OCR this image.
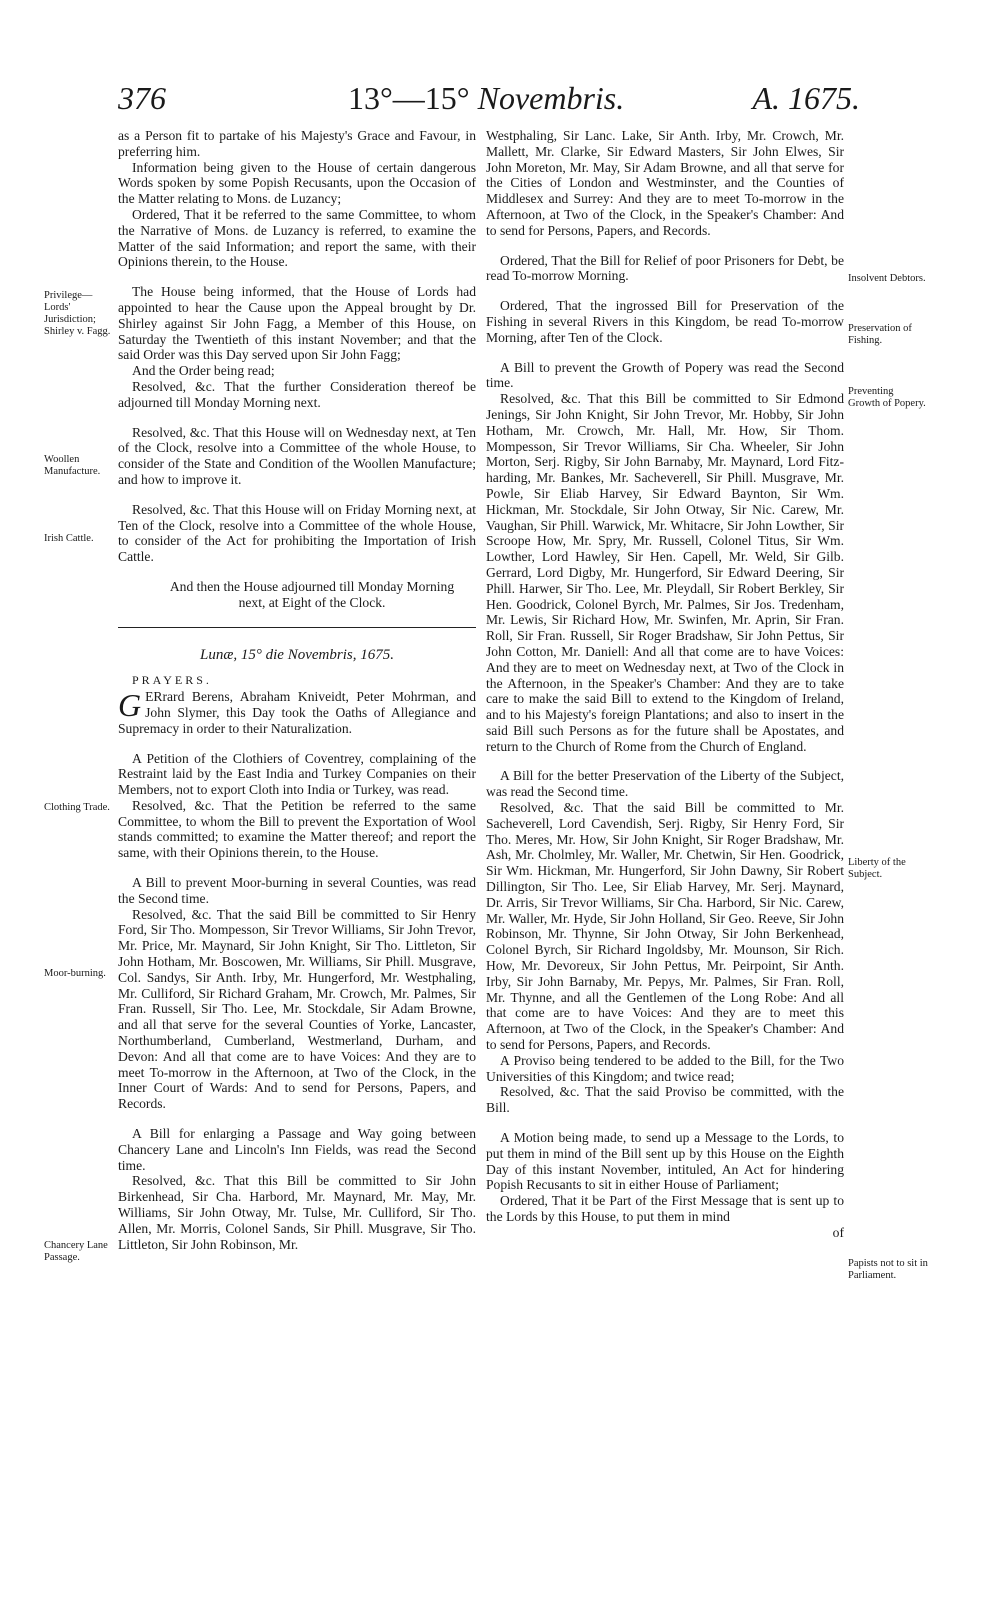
376	13°—15° Novembris.	A. 1675.
Privilege—Lords' Jurisdiction; Shirley v. Fagg.
Woollen Manufacture.
Irish Cattle.
Clothing Trade.
Moor-burning.
Chancery Lane Passage.
Insolvent Debtors.
Preservation of Fishing.
Preventing Growth of Popery.
Liberty of the Subject.
Papists not to sit in Parliament.

as a Person fit to partake of his Majesty's Grace and Favour, in preferring him.

Information being given to the House of certain dangerous Words spoken by some Popish Recusants, upon the Occasion of the Matter relating to Mons. de Luzancy;

Ordered, That it be referred to the same Committee, to whom the Narrative of Mons. de Luzancy is referred, to examine the Matter of the said Information; and report the same, with their Opinions therein, to the House.

The House being informed, that the House of Lords had appointed to hear the Cause upon the Appeal brought by Dr. Shirley against Sir John Fagg, a Member of this House, on Saturday the Twentieth of this instant November; and that the said Order was this Day served upon Sir John Fagg;

And the Order being read;

Resolved, &c. That the further Consideration thereof be adjourned till Monday Morning next.

Resolved, &c. That this House will on Wednesday next, at Ten of the Clock, resolve into a Committee of the whole House, to consider of the State and Condition of the Woollen Manufacture; and how to improve it.

Resolved, &c. That this House will on Friday Morning next, at Ten of the Clock, resolve into a Committee of the whole House, to consider of the Act for prohibiting the Importation of Irish Cattle.

And then the House adjourned till Monday Morning next, at Eight of the Clock.

Lunæ, 15° die Novembris, 1675.

PRAYERS.

G ERrard Berens, Abraham Kniveidt, Peter Mohrman, and John Slymer, this Day took the Oaths of Allegiance and Supremacy in order to their Naturalization.

A Petition of the Clothiers of Coventrey, complaining of the Restraint laid by the East India and Turkey Companies on their Members, not to export Cloth into India or Turkey, was read.

Resolved, &c. That the Petition be referred to the same Committee, to whom the Bill to prevent the Exportation of Wool stands committed; to examine the Matter thereof; and report the same, with their Opinions therein, to the House.

A Bill to prevent Moor-burning in several Counties, was read the Second time.

Resolved, &c. That the said Bill be committed to Sir Henry Ford, Sir Tho. Mompesson, Sir Trevor Williams, Sir John Trevor, Mr. Price, Mr. Maynard, Sir John Knight, Sir Tho. Littleton, Sir John Hotham, Mr. Boscowen, Mr. Williams, Sir Phill. Musgrave, Col. Sandys, Sir Anth. Irby, Mr. Hungerford, Mr. Westphaling, Mr. Culliford, Sir Richard Graham, Mr. Crowch, Mr. Palmes, Sir Fran. Russell, Sir Tho. Lee, Mr. Stockdale, Sir Adam Browne, and all that serve for the several Counties of Yorke, Lancaster, Northumberland, Cumberland, Westmerland, Durham, and Devon: And all that come are to have Voices: And they are to meet To-morrow in the Afternoon, at Two of the Clock, in the Inner Court of Wards: And to send for Persons, Papers, and Records.

A Bill for enlarging a Passage and Way going between Chancery Lane and Lincoln's Inn Fields, was read the Second time.

Resolved, &c. That this Bill be committed to Sir John Birkenhead, Sir Cha. Harbord, Mr. Maynard, Mr. May, Mr. Williams, Sir John Otway, Mr. Tulse, Mr. Culliford, Sir Tho. Allen, Mr. Morris, Colonel Sands, Sir Phill. Musgrave, Sir Tho. Littleton, Sir John Robinson, Mr.

Westphaling, Sir Lanc. Lake, Sir Anth. Irby, Mr. Crowch, Mr. Mallett, Mr. Clarke, Sir Edward Masters, Sir John Elwes, Sir John Moreton, Mr. May, Sir Adam Browne, and all that serve for the Cities of London and Westminster, and the Counties of Middlesex and Surrey: And they are to meet To-morrow in the Afternoon, at Two of the Clock, in the Speaker's Chamber: And to send for Persons, Papers, and Records.

Ordered, That the Bill for Relief of poor Prisoners for Debt, be read To-morrow Morning.

Ordered, That the ingrossed Bill for Preservation of the Fishing in several Rivers in this Kingdom, be read To-morrow Morning, after Ten of the Clock.

A Bill to prevent the Growth of Popery was read the Second time.

Resolved, &c. That this Bill be committed to Sir Edmond Jenings, Sir John Knight, Sir John Trevor, Mr. Hobby, Sir John Hotham, Mr. Crowch, Mr. Hall, Mr. How, Sir Thom. Mompesson, Sir Trevor Williams, Sir Cha. Wheeler, Sir John Morton, Serj. Rigby, Sir John Barnaby, Mr. Maynard, Lord Fitz-harding, Mr. Bankes, Mr. Sacheverell, Sir Phill. Musgrave, Mr. Powle, Sir Eliab Harvey, Sir Edward Baynton, Sir Wm. Hickman, Mr. Stockdale, Sir John Otway, Sir Nic. Carew, Mr. Vaughan, Sir Phill. Warwick, Mr. Whitacre, Sir John Lowther, Sir Scroope How, Mr. Spry, Mr. Russell, Colonel Titus, Sir Wm. Lowther, Lord Hawley, Sir Hen. Capell, Mr. Weld, Sir Gilb. Gerrard, Lord Digby, Mr. Hungerford, Sir Edward Deering, Sir Phill. Harwer, Sir Tho. Lee, Mr. Pleydall, Sir Robert Berkley, Sir Hen. Goodrick, Colonel Byrch, Mr. Palmes, Sir Jos. Tredenham, Mr. Lewis, Sir Richard How, Mr. Swinfen, Mr. Aprin, Sir Fran. Roll, Sir Fran. Russell, Sir Roger Bradshaw, Sir John Pettus, Sir John Cotton, Mr. Daniell: And all that come are to have Voices: And they are to meet on Wednesday next, at Two of the Clock in the Afternoon, in the Speaker's Chamber: And they are to take care to make the said Bill to extend to the Kingdom of Ireland, and to his Majesty's foreign Plantations; and also to insert in the said Bill such Persons as for the future shall be Apostates, and return to the Church of Rome from the Church of England.

A Bill for the better Preservation of the Liberty of the Subject, was read the Second time.

Resolved, &c. That the said Bill be committed to Mr. Sacheverell, Lord Cavendish, Serj. Rigby, Sir Henry Ford, Sir Tho. Meres, Mr. How, Sir John Knight, Sir Roger Bradshaw, Mr. Ash, Mr. Cholmley, Mr. Waller, Mr. Chetwin, Sir Hen. Goodrick, Sir Wm. Hickman, Mr. Hungerford, Sir John Dawny, Sir Robert Dillington, Sir Tho. Lee, Sir Eliab Harvey, Mr. Serj. Maynard, Dr. Arris, Sir Trevor Williams, Sir Cha. Harbord, Sir Nic. Carew, Mr. Waller, Mr. Hyde, Sir John Holland, Sir Geo. Reeve, Sir John Robinson, Mr. Thynne, Sir John Otway, Sir John Berkenhead, Colonel Byrch, Sir Richard Ingoldsby, Mr. Mounson, Sir Rich. How, Mr. Devoreux, Sir John Pettus, Mr. Peirpoint, Sir Anth. Irby, Sir John Barnaby, Mr. Pepys, Mr. Palmes, Sir Fran. Roll, Mr. Thynne, and all the Gentlemen of the Long Robe: And all that come are to have Voices: And they are to meet this Afternoon, at Two of the Clock, in the Speaker's Chamber: And to send for Persons, Papers, and Records.

A Proviso being tendered to be added to the Bill, for the Two Universities of this Kingdom; and twice read;

Resolved, &c. That the said Proviso be committed, with the Bill.

A Motion being made, to send up a Message to the Lords, to put them in mind of the Bill sent up by this House on the Eighth Day of this instant November, intituled, An Act for hindering Popish Recusants to sit in either House of Parliament;

Ordered, That it be Part of the First Message that is sent up to the Lords by this House, to put them in mind

of
